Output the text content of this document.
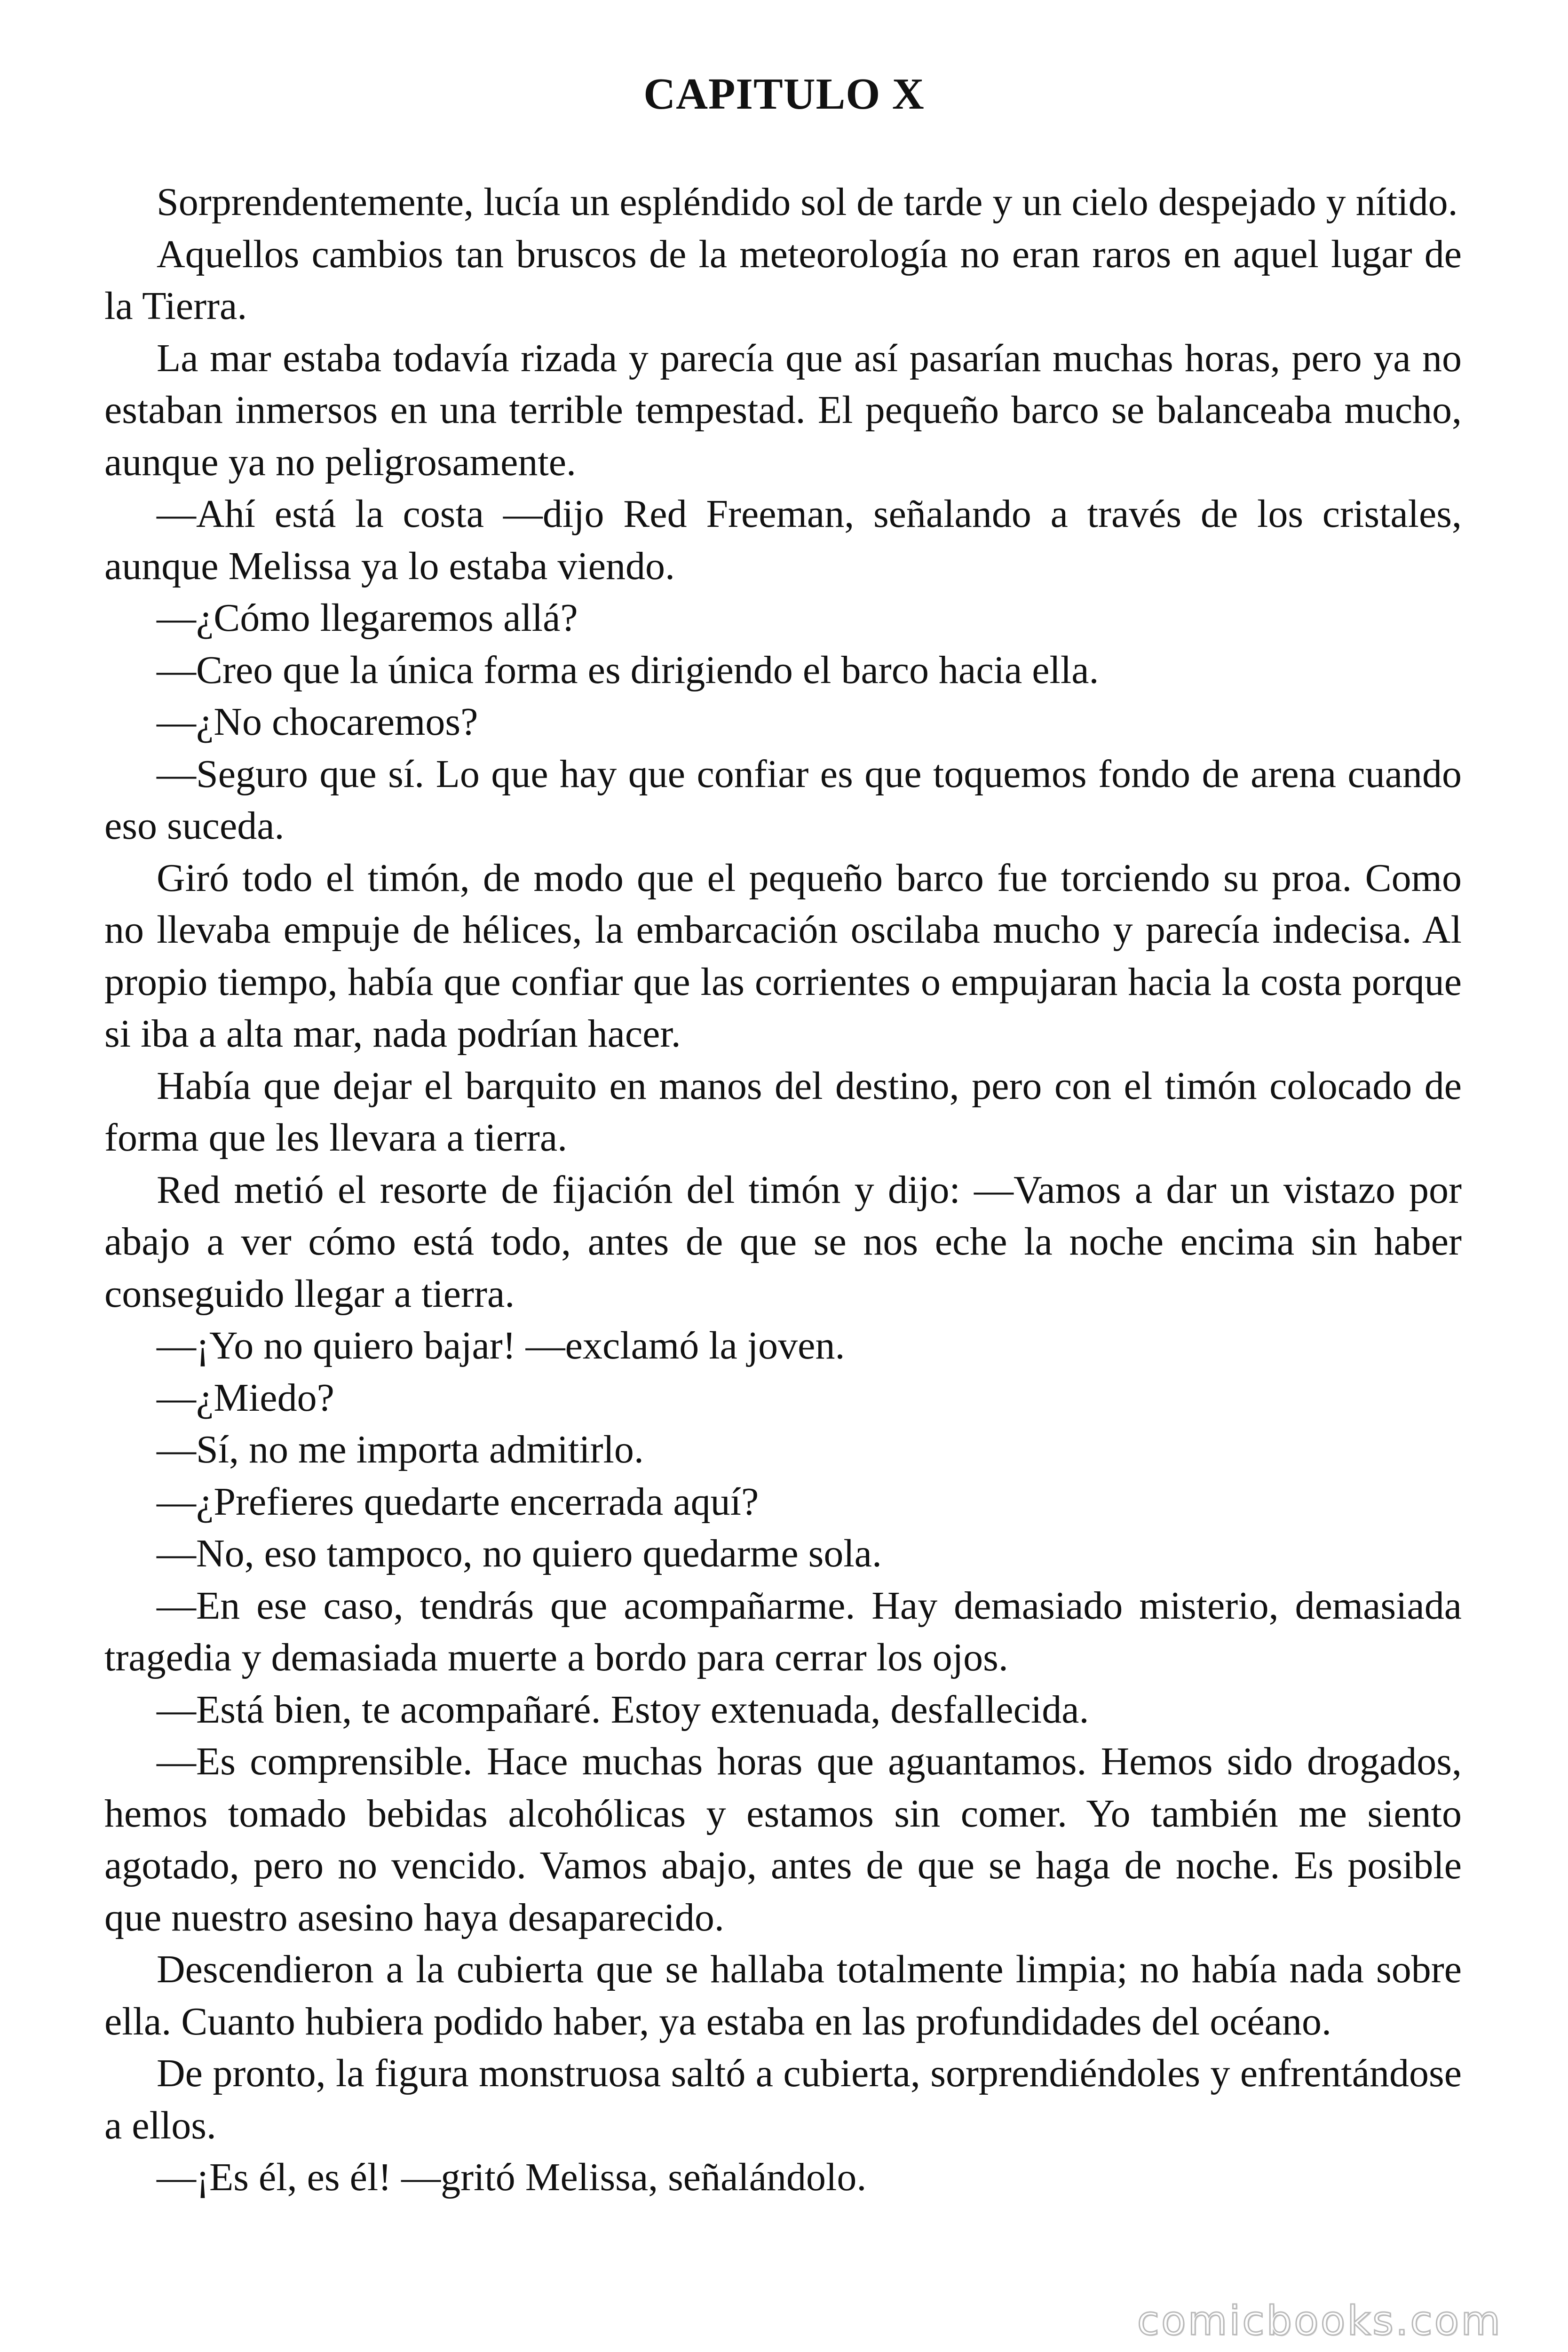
CAPITULO X

Sorprendentemente, lucía un espléndido sol de tarde y un cielo despejado y nítido.

Aquellos cambios tan bruscos de la meteorología no eran raros en aquel lugar de la Tierra.

La mar estaba todavía rizada y parecía que así pasarían muchas horas, pero ya no estaban inmersos en una terrible tempestad. El pequeño barco se balanceaba mucho, aunque ya no peligrosamente.

—Ahí está la costa —dijo Red Freeman, señalando a través de los cristales, aunque Melissa ya lo estaba viendo.

—¿Cómo llegaremos allá?

—Creo que la única forma es dirigiendo el barco hacia ella.

—¿No chocaremos?

—Seguro que sí. Lo que hay que confiar es que toquemos fondo de arena cuando eso suceda.

Giró todo el timón, de modo que el pequeño barco fue torciendo su proa. Como no llevaba empuje de hélices, la embarcación oscilaba mucho y parecía indecisa. Al propio tiempo, había que confiar que las corrientes o empujaran hacia la costa porque si iba a alta mar, nada podrían hacer.

Había que dejar el barquito en manos del destino, pero con el timón colocado de forma que les llevara a tierra.

Red metió el resorte de fijación del timón y dijo: —Vamos a dar un vistazo por abajo a ver cómo está todo, antes de que se nos eche la noche encima sin haber conseguido llegar a tierra.

—¡Yo no quiero bajar! —exclamó la joven.

—¿Miedo?

—Sí, no me importa admitirlo.

—¿Prefieres quedarte encerrada aquí?

—No, eso tampoco, no quiero quedarme sola.

—En ese caso, tendrás que acompañarme. Hay demasiado misterio, demasiada tragedia y demasiada muerte a bordo para cerrar los ojos.

—Está bien, te acompañaré. Estoy extenuada, desfallecida.

—Es comprensible. Hace muchas horas que aguantamos. Hemos sido drogados, hemos tomado bebidas alcohólicas y estamos sin comer. Yo también me siento agotado, pero no vencido. Vamos abajo, antes de que se haga de noche. Es posible que nuestro asesino haya desaparecido.

Descendieron a la cubierta que se hallaba totalmente limpia; no había nada sobre ella. Cuanto hubiera podido haber, ya estaba en las profundidades del océano.

De pronto, la figura monstruosa saltó a cubierta, sorprendiéndoles y enfrentándose a ellos.

—¡Es él, es él! —gritó Melissa, señalándolo.

comicbooks.com
